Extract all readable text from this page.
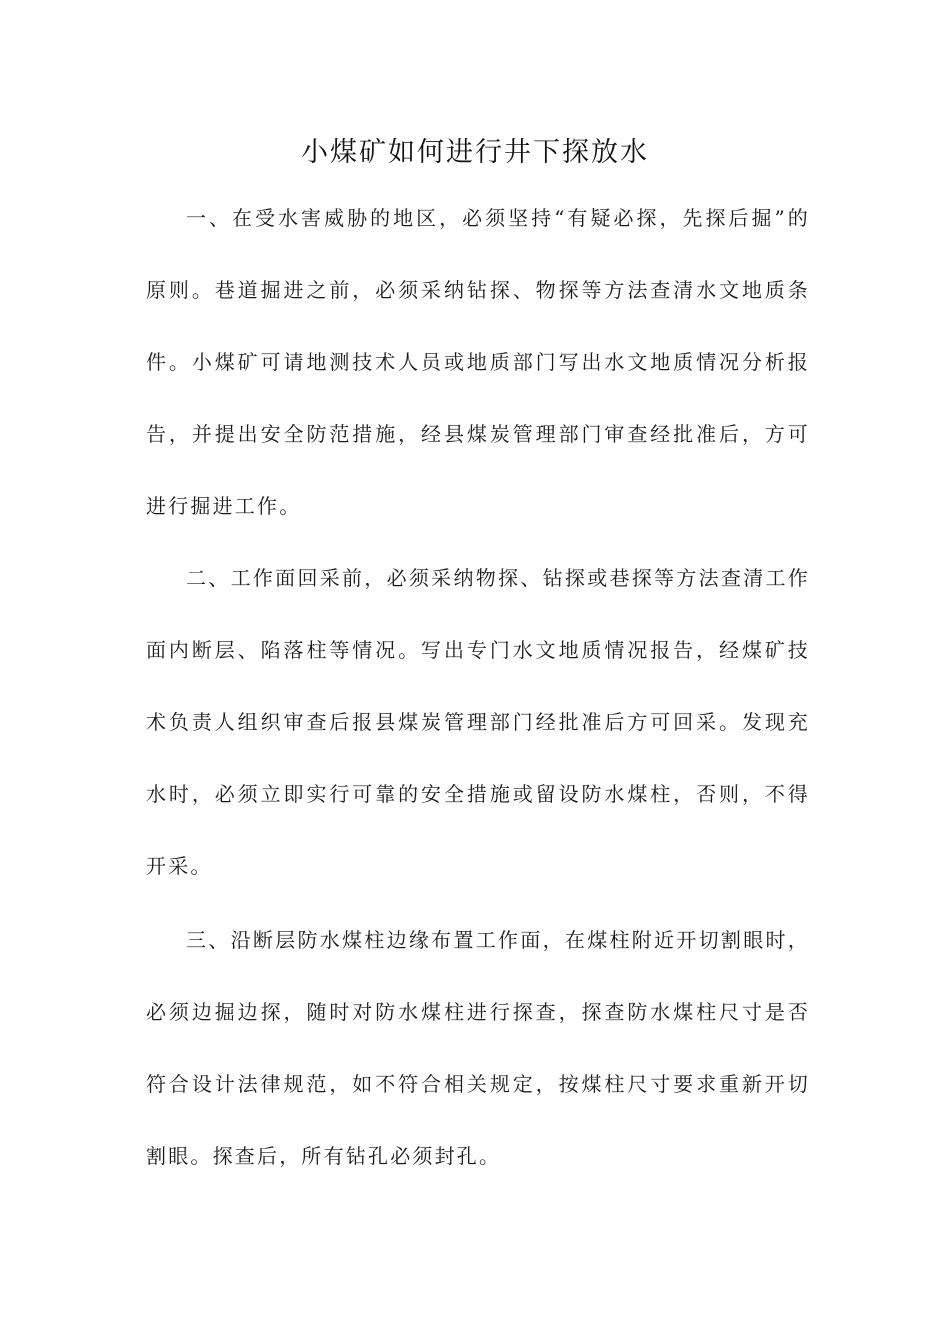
小煤矿如何进行井下探放水

一、在受水害威胁的地区，必须坚持“有疑必探，先探后掘”的原则。巷道掘进之前，必须采纳钻探、物探等方法查清水文地质条件。小煤矿可请地测技术人员或地质部门写出水文地质情况分析报告，并提出安全防范措施，经县煤炭管理部门审查经批准后，方可进行掘进工作。

二、工作面回采前，必须采纳物探、钻探或巷探等方法查清工作面内断层、陷落柱等情况。写出专门水文地质情况报告，经煤矿技术负责人组织审查后报县煤炭管理部门经批准后方可回采。发现充水时，必须立即实行可靠的安全措施或留设防水煤柱，否则，不得开采。

三、沿断层防水煤柱边缘布置工作面，在煤柱附近开切割眼时，必须边掘边探，随时对防水煤柱进行探查，探查防水煤柱尺寸是否符合设计法律规范，如不符合相关规定，按煤柱尺寸要求重新开切割眼。探查后，所有钻孔必须封孔。
